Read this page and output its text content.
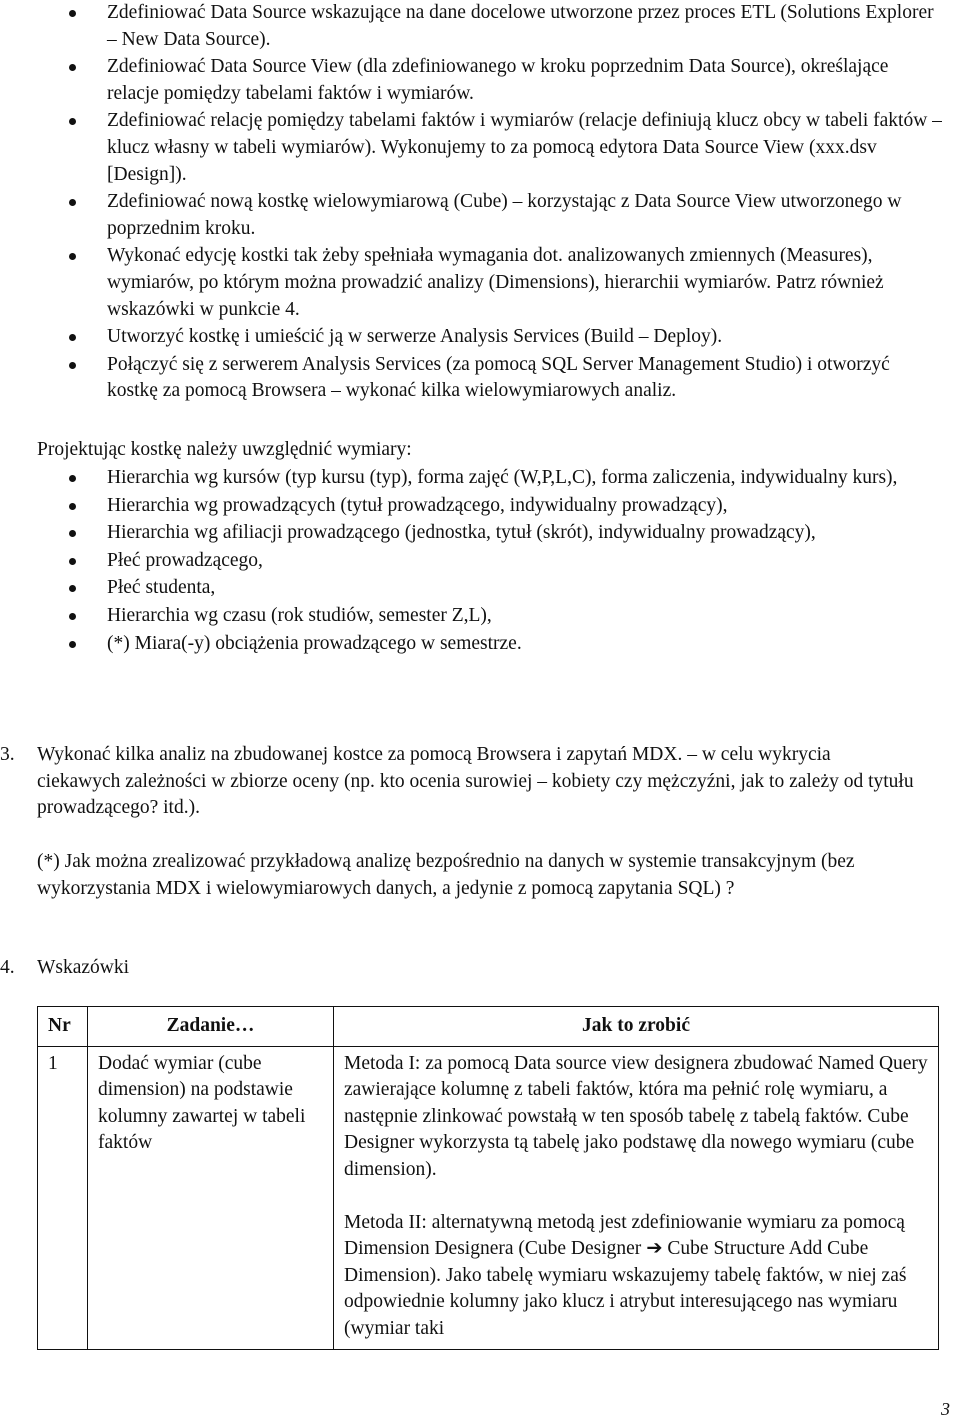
Zdefiniować Data Source wskazujące na dane docelowe utworzone przez proces ETL (Solutions Explorer – New Data Source).
Zdefiniować Data Source View (dla zdefiniowanego w kroku poprzednim Data Source), określające relacje pomiędzy tabelami faktów i wymiarów.
Zdefiniować relację pomiędzy tabelami faktów i wymiarów (relacje definiują klucz obcy w tabeli faktów – klucz własny w tabeli wymiarów). Wykonujemy to za pomocą edytora Data Source View (xxx.dsv [Design]).
Zdefiniować nową kostkę wielowymiarową (Cube) – korzystając z Data Source View utworzonego w poprzednim kroku.
Wykonać edycję kostki tak żeby spełniała wymagania dot. analizowanych zmiennych (Measures), wymiarów, po którym można prowadzić analizy (Dimensions), hierarchii wymiarów. Patrz również wskazówki w punkcie 4.
Utworzyć kostkę i umieścić ją w serwerze Analysis Services (Build – Deploy).
Połączyć się z serwerem Analysis Services (za pomocą SQL Server Management Studio) i otworzyć kostkę za pomocą Browsera – wykonać kilka wielowymiarowych analiz.

Projektując kostkę należy uwzględnić wymiary:

Hierarchia wg kursów (typ kursu (typ), forma zajęć (W,P,L,C), forma zaliczenia, indywidualny kurs),
Hierarchia wg prowadzących (tytuł prowadzącego, indywidualny prowadzący),
Hierarchia wg afiliacji prowadzącego (jednostka, tytuł (skrót), indywidualny prowadzący),
Płeć prowadzącego,
Płeć studenta,
Hierarchia wg czasu (rok studiów, semester Z,L),
(*) Miara(-y) obciążenia prowadzącego w semestrze.
3.	Wykonać kilka analiz na zbudowanej kostce za pomocą Browsera i zapytań MDX. – w celu wykrycia ciekawych zależności w zbiorze oceny (np. kto ocenia surowiej – kobiety czy mężczyźni, jak to zależy od tytułu prowadzącego? itd.).

(*) Jak można zrealizować przykładową analizę bezpośrednio na danych w systemie transakcyjnym (bez wykorzystania MDX i wielowymiarowych danych, a jedynie z pomocą zapytania SQL) ?

4.	Wskazówki
Nr	Zadanie…	Jak to zrobić
1	Dodać wymiar (cube dimension) na podstawie kolumny zawartej w tabeli faktów	Metoda I: za pomocą Data source view designera zbudować Named Query zawierające kolumnę z tabeli faktów, która ma pełnić rolę wymiaru, a następnie zlinkować powstałą w ten sposób tabelę z tabelą faktów. Cube Designer wykorzysta tą tabelę jako podstawę dla nowego wymiaru (cube dimension).

Metoda II: alternatywną metodą jest zdefiniowanie wymiaru za pomocą Dimension Designera (Cube Designer ➔ Cube Structure Add Cube Dimension). Jako tabelę wymiaru wskazujemy tabelę faktów, w niej zaś odpowiednie kolumny jako klucz i atrybut interesującego nas wymiaru (wymiar taki

3
